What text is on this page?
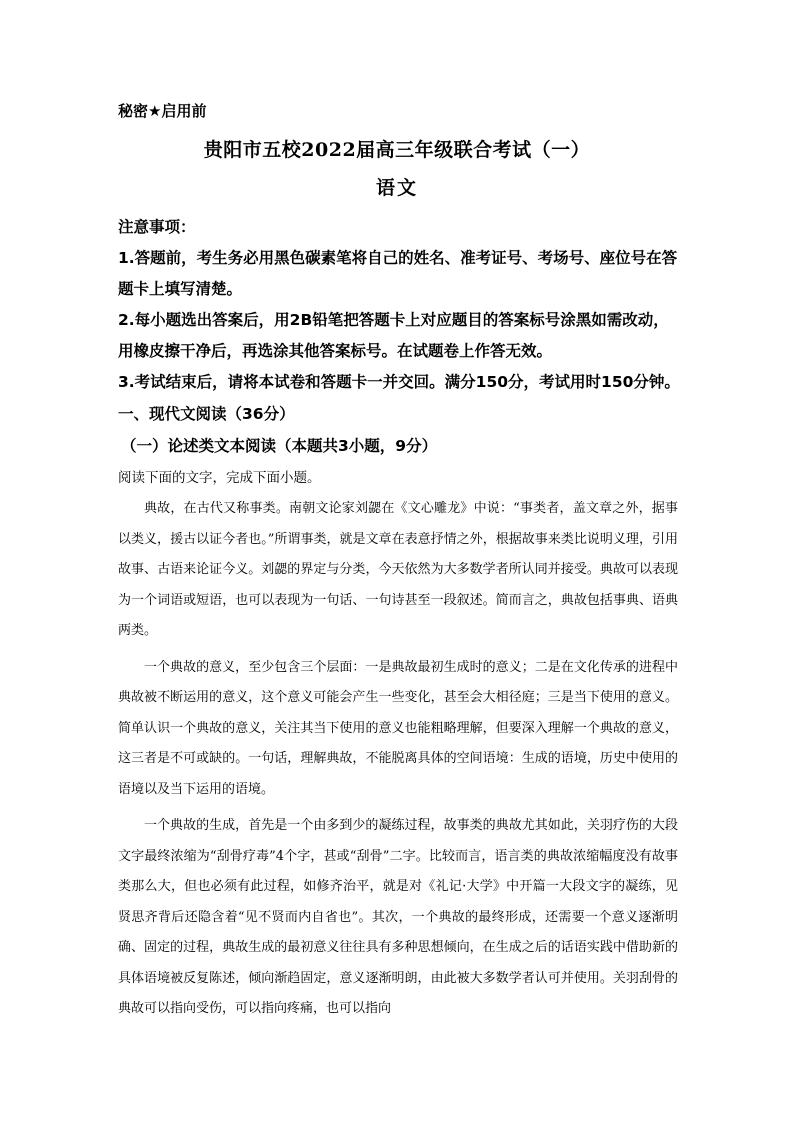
秘密★启用前
贵阳市五校2022届高三年级联合考试（一）
语文

注意事项：

1.答题前，考生务必用黑色碳素笔将自己的姓名、准考证号、考场号、座位号在答题卡上填写清楚。

2.每小题选出答案后，用2B铅笔把答题卡上对应题目的答案标号涂黑如需改动，用橡皮擦干净后，再选涂其他答案标号。在试题卷上作答无效。

3.考试结束后，请将本试卷和答题卡一并交回。满分150分，考试用时150分钟。

一、现代文阅读（36分）
（一）论述类文本阅读（本题共3小题，9分）
阅读下面的文字，完成下面小题。

典故，在古代又称事类。南朝文论家刘勰在《文心雕龙》中说：“事类者，盖文章之外，据事以类义，援古以证今者也。”所谓事类，就是文章在表意抒情之外，根据故事来类比说明义理，引用故事、古语来论证今义。刘勰的界定与分类，今天依然为大多数学者所认同并接受。典故可以表现为一个词语或短语，也可以表现为一句话、一句诗甚至一段叙述。简而言之，典故包括事典、语典两类。

一个典故的意义，至少包含三个层面：一是典故最初生成时的意义；二是在文化传承的进程中典故被不断运用的意义，这个意义可能会产生一些变化，甚至会大相径庭；三是当下使用的意义。简单认识一个典故的意义，关注其当下使用的意义也能粗略理解，但要深入理解一个典故的意义，这三者是不可或缺的。一句话，理解典故，不能脱离具体的空间语境：生成的语境，历史中使用的语境以及当下运用的语境。

一个典故的生成，首先是一个由多到少的凝练过程，故事类的典故尤其如此，关羽疗伤的大段文字最终浓缩为“刮骨疗毒”4个字，甚或“刮骨”二字。比较而言，语言类的典故浓缩幅度没有故事类那么大，但也必须有此过程，如修齐治平，就是对《礼记·大学》中开篇一大段文字的凝练，见贤思齐背后还隐含着“见不贤而内自省也”。其次，一个典故的最终形成，还需要一个意义逐渐明确、固定的过程，典故生成的最初意义往往具有多种思想倾向，在生成之后的话语实践中借助新的具体语境被反复陈述，倾向渐趋固定，意义逐渐明朗，由此被大多数学者认可并使用。关羽刮骨的典故可以指向受伤，可以指向疼痛，也可以指向
